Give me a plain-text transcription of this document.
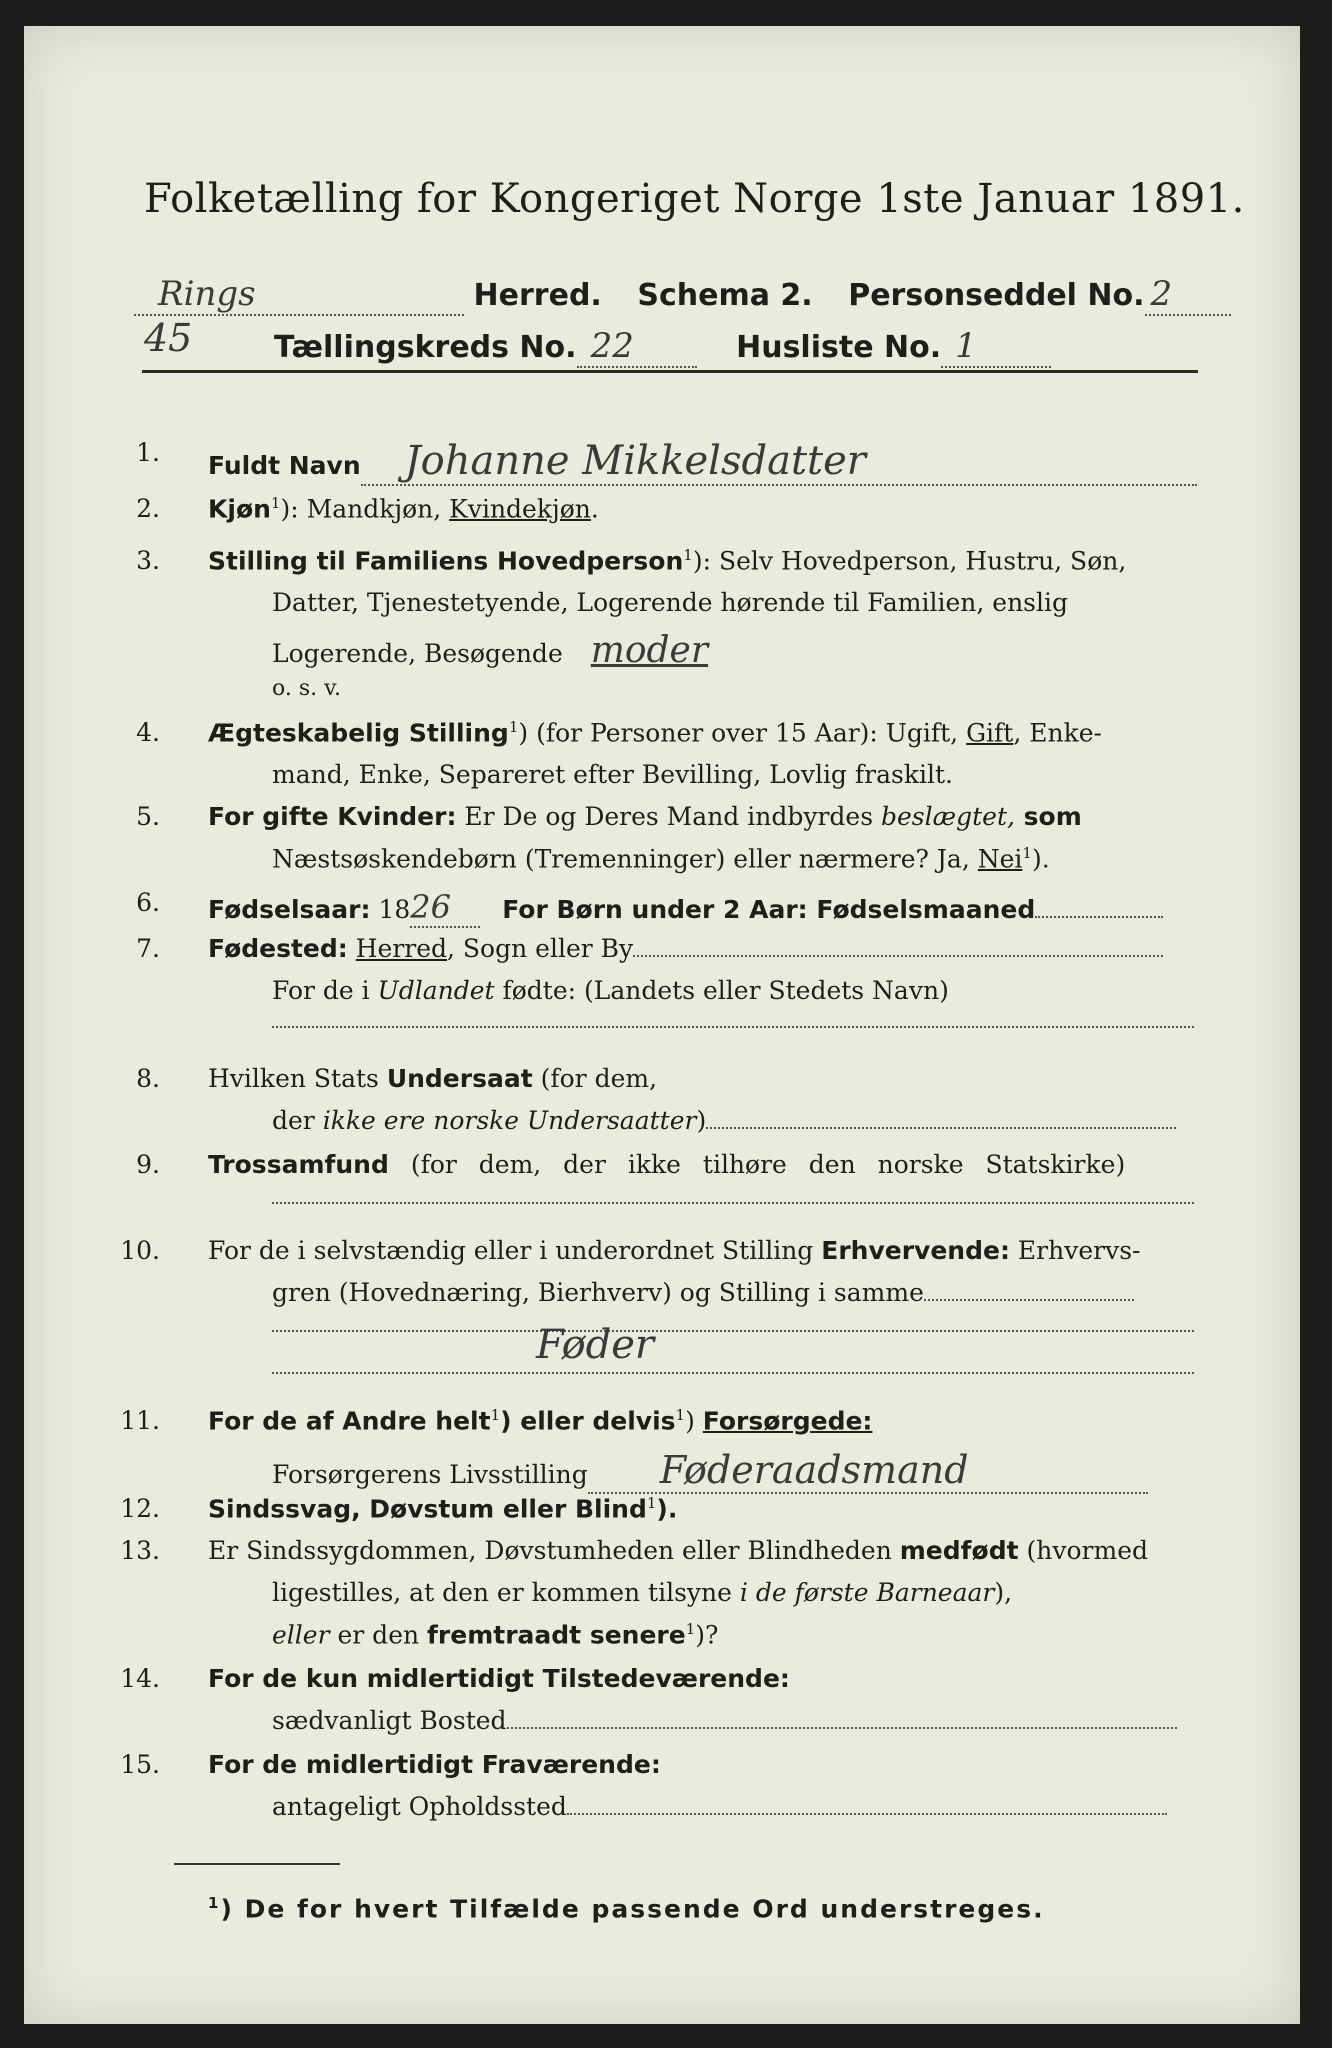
Folketælling for Kongeriget Norge 1ste Januar 1891.
Rings	Herred. Schema 2. Personseddel No. 2
45	Tællingskreds No. 22	Husliste No. 1
1. Fuldt Navn Johanne Mikkelsdatter
2. Kjøn$^1$): Mandkjøn, Kvindekjøn.
3. Stilling til Familiens Hovedperson$^1$): Selv Hovedperson, Hustru, Søn,
Datter, Tjenestetyende, Logerende hørende til Familien, enslig
Logerende, Besøgende moder
o. s. v.
4. Ægteskabelig Stilling$^1$) (for Personer over 15 Aar): Ugift, Gift, Enke-
mand, Enke, Separeret efter Bevilling, Lovlig fraskilt.
5. For gifte Kvinder: Er De og Deres Mand indbyrdes beslægtet, som
Næstsøskendebørn (Tremenninger) eller nærmere? Ja, Nei$^1$).
6. Fødselsaar: 1826 For Børn under 2 Aar: Fødselsmaaned
7. Fødested: Herred, Sogn eller By
For de i Udlandet fødte: (Landets eller Stedets Navn)
8. Hvilken Stats Undersaat (for dem,
der ikke ere norske Undersaatter)
9. Trossamfund (for dem, der ikke tilhøre den norske Statskirke)
10. For de i selvstændig eller i underordnet Stilling Erhvervende: Erhvervs-
gren (Hovednæring, Bierhverv) og Stilling i samme
Føder
11. For de af Andre helt$^1$) eller delvis$^1$) Forsørgede:
Forsørgerens Livsstilling Føderaadsmand
12. Sindssvag, Døvstum eller Blind$^1$).
13. Er Sindssygdommen, Døvstumheden eller Blindheden medfødt (hvormed
ligestilles, at den er kommen tilsyne i de første Barneaar),
eller er den fremtraadt senere$^1$)?
14. For de kun midlertidigt Tilstedeværende:
sædvanligt Bosted
15. For de midlertidigt Fraværende:
antageligt Opholdssted
$^1$) De for hvert Tilfælde passende Ord understreges.
